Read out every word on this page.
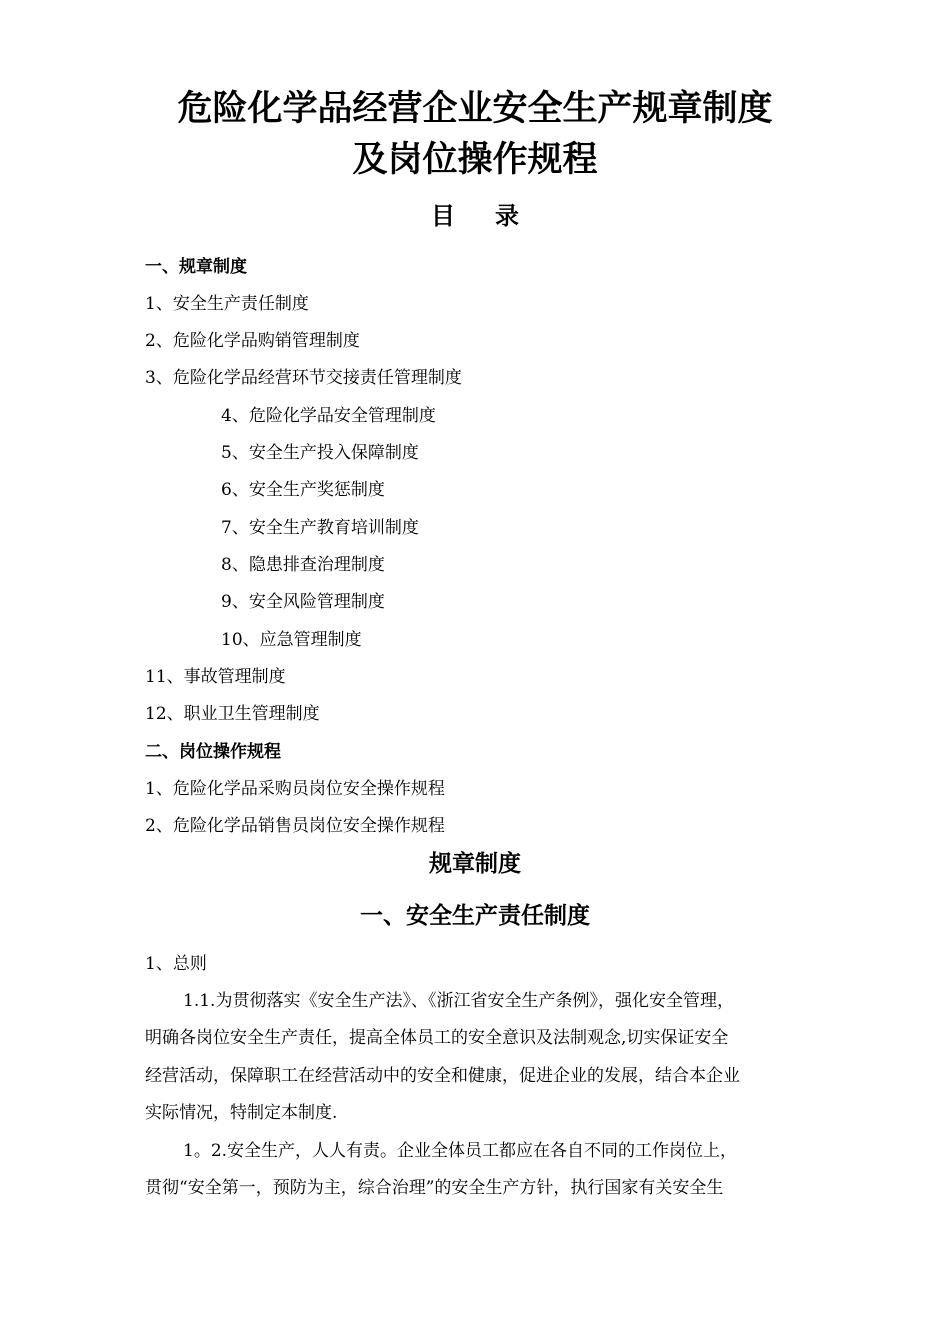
危险化学品经营企业安全生产规章制度
及岗位操作规程
目 录
一、规章制度
1、安全生产责任制度
2、危险化学品购销管理制度
3、危险化学品经营环节交接责任管理制度
4、危险化学品安全管理制度
5、安全生产投入保障制度
6、安全生产奖惩制度
7、安全生产教育培训制度
8、隐患排查治理制度
9、安全风险管理制度
10、应急管理制度
11、事故管理制度
12、职业卫生管理制度
二、岗位操作规程
1、危险化学品采购员岗位安全操作规程
2、危险化学品销售员岗位安全操作规程
规章制度
一、安全生产责任制度
1、总则
1.1.为贯彻落实《安全生产法》、《浙江省安全生产条例》，强化安全管理，
明确各岗位安全生产责任，提高全体员工的安全意识及法制观念,切实保证安全
经营活动，保障职工在经营活动中的安全和健康，促进企业的发展，结合本企业
实际情况，特制定本制度.
1。2.安全生产，人人有责。企业全体员工都应在各自不同的工作岗位上，
贯彻“安全第一，预防为主，综合治理”的安全生产方针，执行国家有关安全生
